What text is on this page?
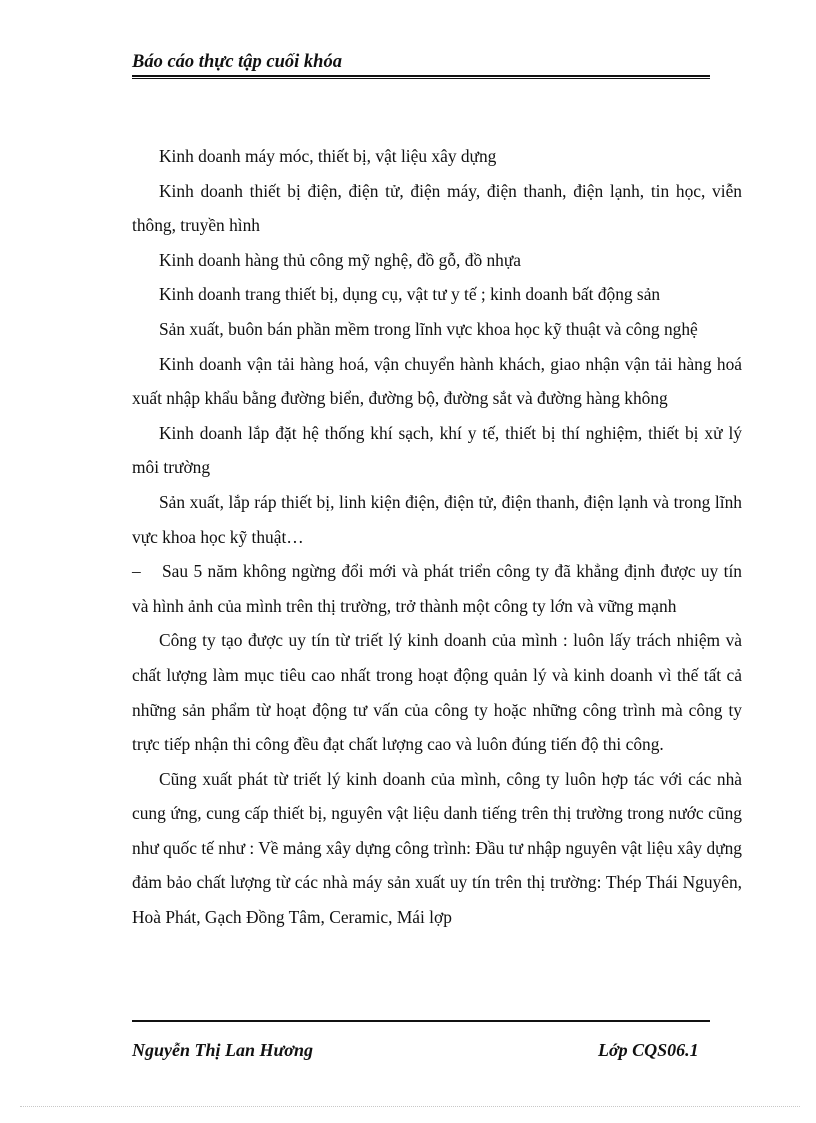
Báo cáo thực tập cuối khóa

Kinh doanh máy móc, thiết bị, vật liệu xây dựng

Kinh doanh thiết bị điện, điện tử, điện máy, điện thanh, điện lạnh, tin học, viễn thông, truyền hình

Kinh doanh hàng thủ công mỹ nghệ, đồ gỗ, đồ nhựa

Kinh doanh trang thiết bị, dụng cụ, vật tư y tế ; kinh doanh bất động sản

Sản xuất, buôn bán phần mềm trong lĩnh vực khoa học kỹ thuật và công nghệ

Kinh doanh vận tải hàng hoá, vận chuyển hành khách, giao nhận vận tải hàng hoá xuất nhập khẩu bằng đường biển, đường bộ, đường sắt và đường hàng không

Kinh doanh lắp đặt hệ thống khí sạch, khí y tế, thiết bị thí nghiệm, thiết bị xử lý môi trường

Sản xuất, lắp ráp thiết bị, linh kiện điện, điện tử, điện thanh, điện lạnh và trong lĩnh vực khoa học kỹ thuật…

– Sau 5 năm không ngừng đổi mới và phát triển công ty đã khẳng định được uy tín và hình ảnh của mình trên thị trường, trở thành một công ty lớn và vững mạnh

Công ty tạo được uy tín từ triết lý kinh doanh của mình : luôn lấy trách nhiệm và chất lượng làm mục tiêu cao nhất trong hoạt động quản lý và kinh doanh vì thế tất cả những sản phẩm từ hoạt động tư vấn của công ty hoặc những công trình mà công ty trực tiếp nhận thi công đều đạt chất lượng cao và luôn đúng tiến độ thi công.

Cũng xuất phát từ triết lý kinh doanh của mình, công ty luôn hợp tác với các nhà cung ứng, cung cấp thiết bị, nguyên vật liệu danh tiếng trên thị trường trong nước cũng như quốc tế như : Về mảng xây dựng công trình: Đầu tư nhập nguyên vật liệu xây dựng đảm bảo chất lượng từ các nhà máy sản xuất uy tín trên thị trường: Thép Thái Nguyên, Hoà Phát, Gạch Đồng Tâm, Ceramic, Mái lợp

Nguyễn Thị Lan Hương	Lớp CQS06.1
